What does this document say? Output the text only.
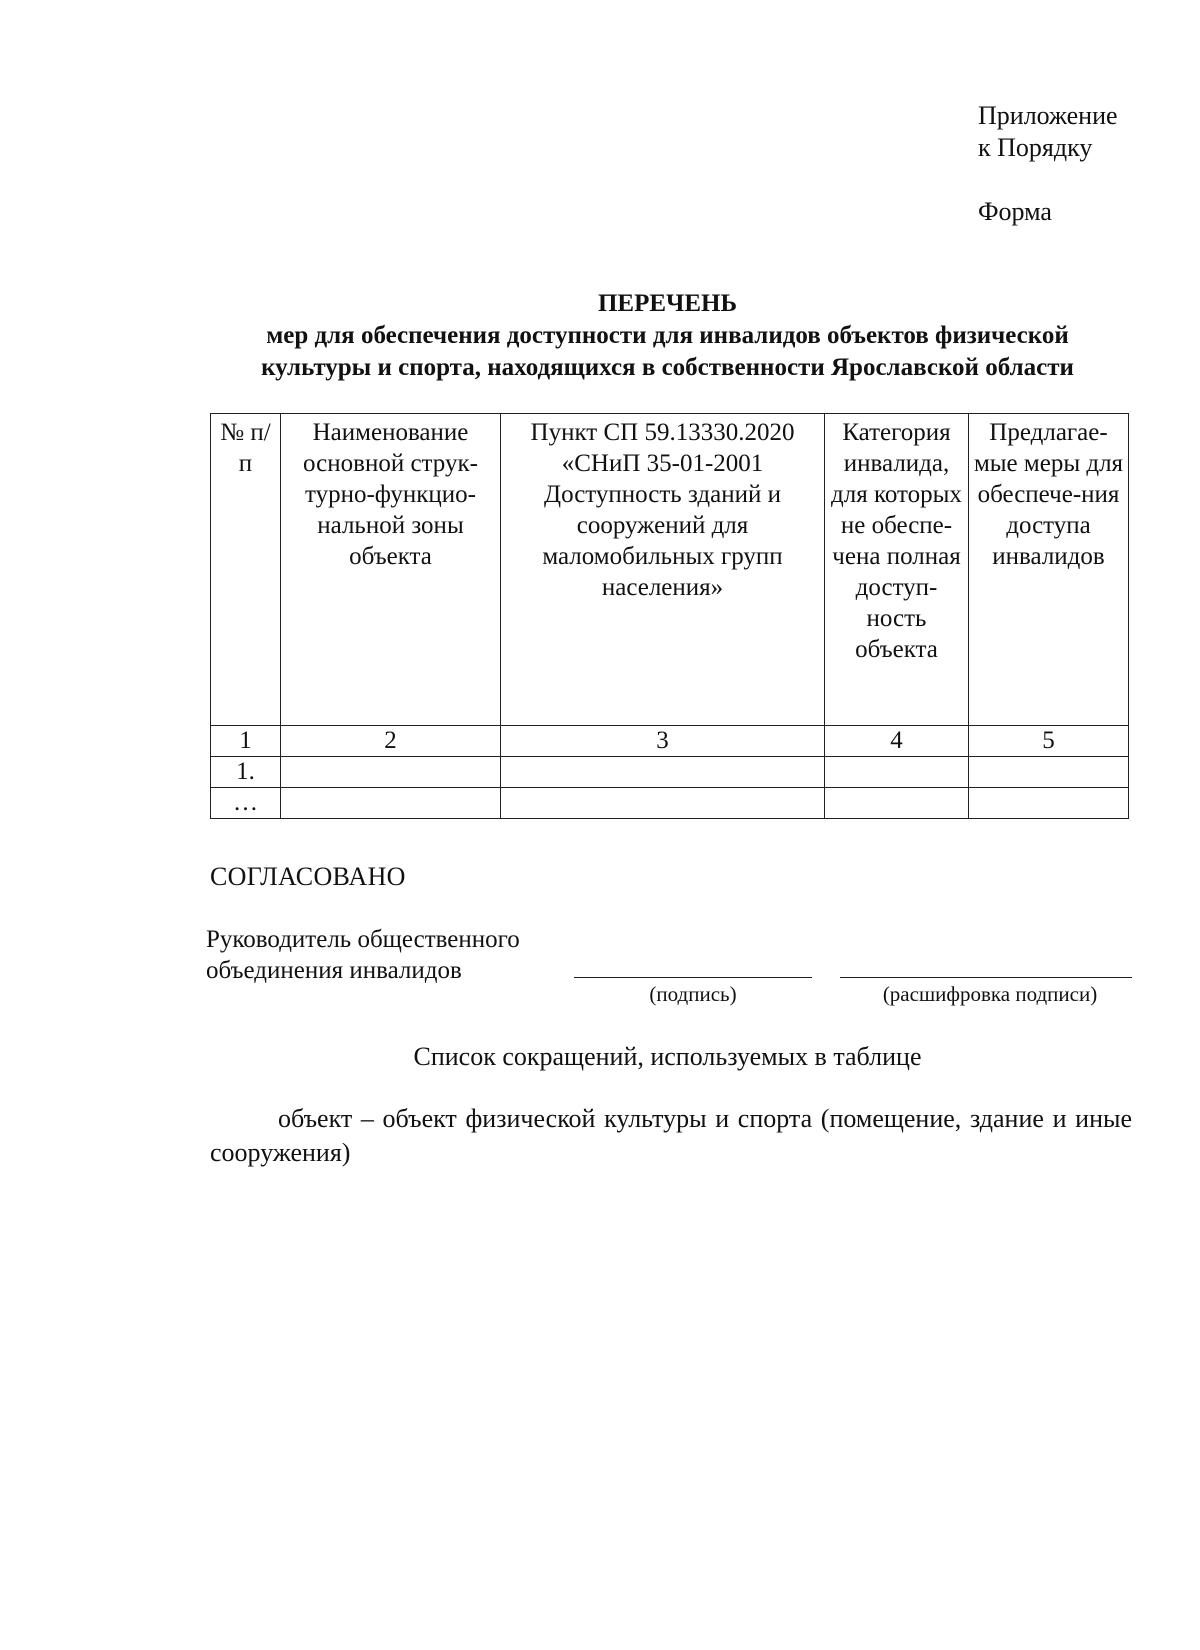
Приложение
к Порядку
Форма
ПЕРЕЧЕНЬ
мер для обеспечения доступности для инвалидов объектов физической
культуры и спорта, находящихся в собственности Ярославской области
№ п/п	Наименование основной струк-турно-функцио-нальной зоны объекта	Пункт СП 59.13330.2020 «СНиП 35-01-2001 Доступность зданий и сооружений для маломобильных групп населения»	Категория инвалида, для которых не обеспе-чена полная доступ-ность объекта	Предлагае-мые меры для обеспече-ния доступа инвалидов
1	2	3	4	5
1.				
…				
СОГЛАСОВАНО
Руководитель общественного
объединения инвалидов
(подпись)	(расшифровка подписи)
Список сокращений, используемых в таблице
объект – объект физической культуры и спорта (помещение, здание и иные сооружения)
